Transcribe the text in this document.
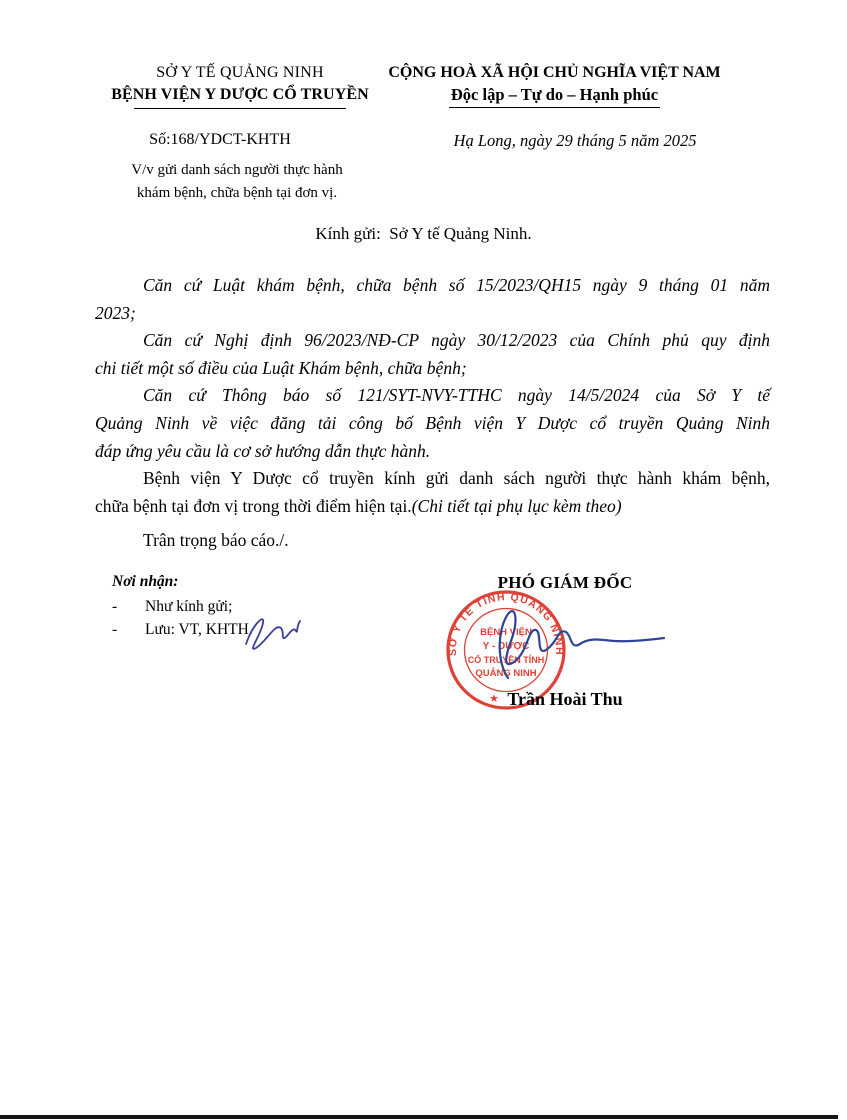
SỞ Y TẾ QUẢNG NINH
BỆNH VIỆN Y DƯỢC CỔ TRUYỀN
CỘNG HOÀ XÃ HỘI CHỦ NGHĨA VIỆT NAM
Độc lập – Tự do – Hạnh phúc
Số:168/YDCT-KHTH	Hạ Long, ngày 29 tháng 5 năm 2025
V/v gửi danh sách người thực hành
khám bệnh, chữa bệnh tại đơn vị.
Kính gửi:  Sở Y tế Quảng Ninh.
Căn cứ Luật khám bệnh, chữa bệnh số 15/2023/QH15 ngày 9 tháng 01 năm
2023;
Căn cứ Nghị định 96/2023/NĐ-CP ngày 30/12/2023 của Chính phủ quy định
chi tiết một số điều của Luật Khám bệnh, chữa bệnh;
Căn cứ Thông báo số 121/SYT-NVY-TTHC ngày 14/5/2024 của Sở Y tế
Quảng Ninh về việc đăng tải công bố Bệnh viện Y Dược cổ truyền Quảng Ninh
đáp ứng yêu cầu là cơ sở hướng dẫn thực hành.
Bệnh viện Y Dược cổ truyền kính gửi danh sách người thực hành khám bệnh,
chữa bệnh tại đơn vị trong thời điểm hiện tại.(Chi tiết tại phụ lục kèm theo)
Trân trọng báo cáo./.
Nơi nhận:
-	Như kính gửi;
-	Lưu: VT, KHTH.
PHÓ GIÁM ĐỐC
SỞ Y TẾ TỈNH QUẢNG NINH
BỆNH VIỆN
Y - DƯỢC
CỔ TRUYỀN TỈNH
QUẢNG NINH
★ Trần Hoài Thu
